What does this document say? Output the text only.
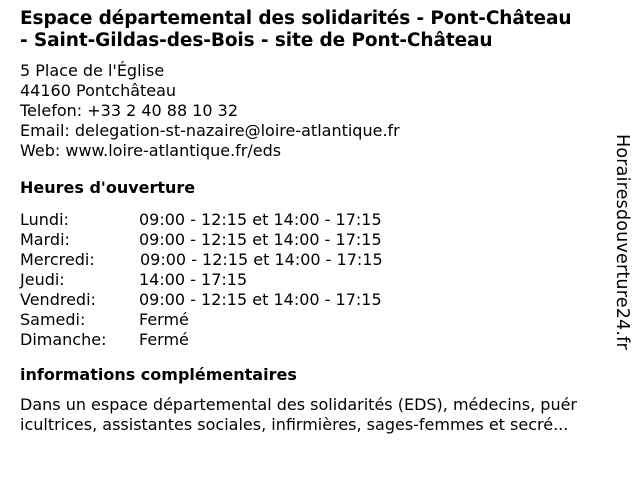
Espace départemental des solidarités - Pont-Château
- Saint-Gildas-des-Bois - site de Pont-Château
5 Place de l'Église
44160 Pontchâteau
Telefon: +33 2 40 88 10 32
Email: delegation-st-nazaire@loire-atlantique.fr
Web: www.loire-atlantique.fr/eds
Heures d'ouverture
Lundi:	09:00 - 12:15 et 14:00 - 17:15
Mardi:	09:00 - 12:15 et 14:00 - 17:15
Mercredi:	09:00 - 12:15 et 14:00 - 17:15
Jeudi:	14:00 - 17:15
Vendredi:	09:00 - 12:15 et 14:00 - 17:15
Samedi:	Fermé
Dimanche:	Fermé
informations complémentaires
Dans un espace départemental des solidarités (EDS), médecins, puér
icultrices, assistantes sociales, infirmières, sages-femmes et secré...
Horairesdouverture24.fr
